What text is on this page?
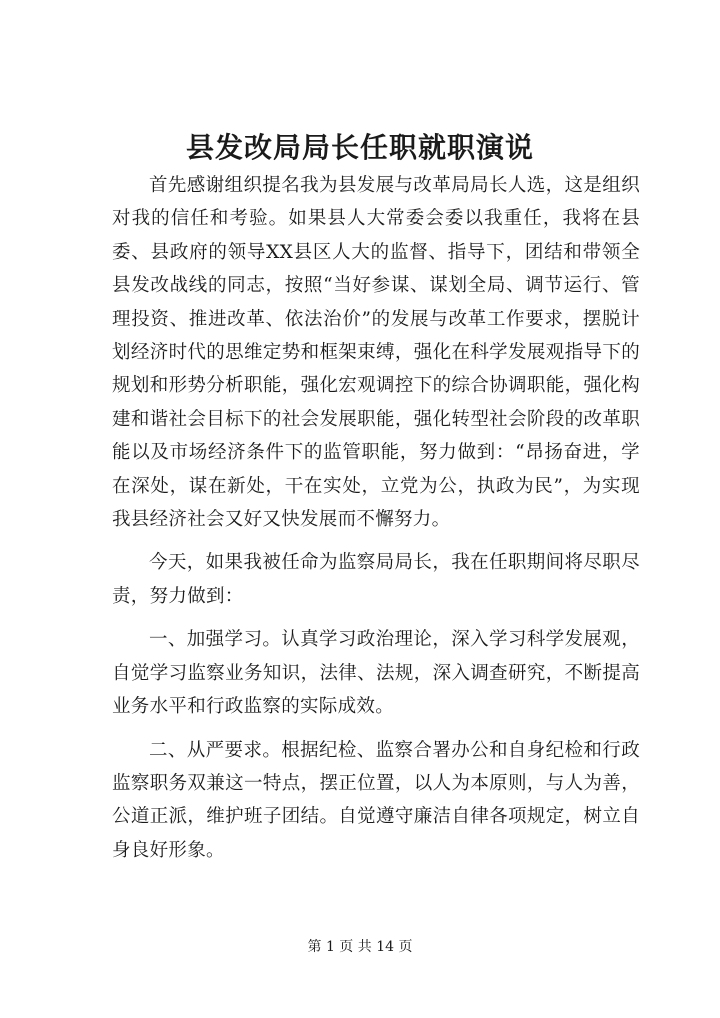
县发改局局长任职就职演说

首先感谢组织提名我为县发展与改革局局长人选，这是组织对我的信任和考验。如果县人大常委会委以我重任，我将在县委、县政府的领导XX县区人大的监督、指导下，团结和带领全县发改战线的同志，按照“当好参谋、谋划全局、调节运行、管理投资、推进改革、依法治价”的发展与改革工作要求，摆脱计划经济时代的思维定势和框架束缚，强化在科学发展观指导下的规划和形势分析职能，强化宏观调控下的综合协调职能，强化构建和谐社会目标下的社会发展职能，强化转型社会阶段的改革职能以及市场经济条件下的监管职能，努力做到：“昂扬奋进，学在深处，谋在新处，干在实处，立党为公，执政为民”，为实现我县经济社会又好又快发展而不懈努力。

今天，如果我被任命为监察局局长，我在任职期间将尽职尽责，努力做到：

一、加强学习。认真学习政治理论，深入学习科学发展观，自觉学习监察业务知识，法律、法规，深入调查研究，不断提高业务水平和行政监察的实际成效。

二、从严要求。根据纪检、监察合署办公和自身纪检和行政监察职务双兼这一特点，摆正位置，以人为本原则，与人为善，公道正派，维护班子团结。自觉遵守廉洁自律各项规定，树立自身良好形象。

第 1 页 共 14 页
